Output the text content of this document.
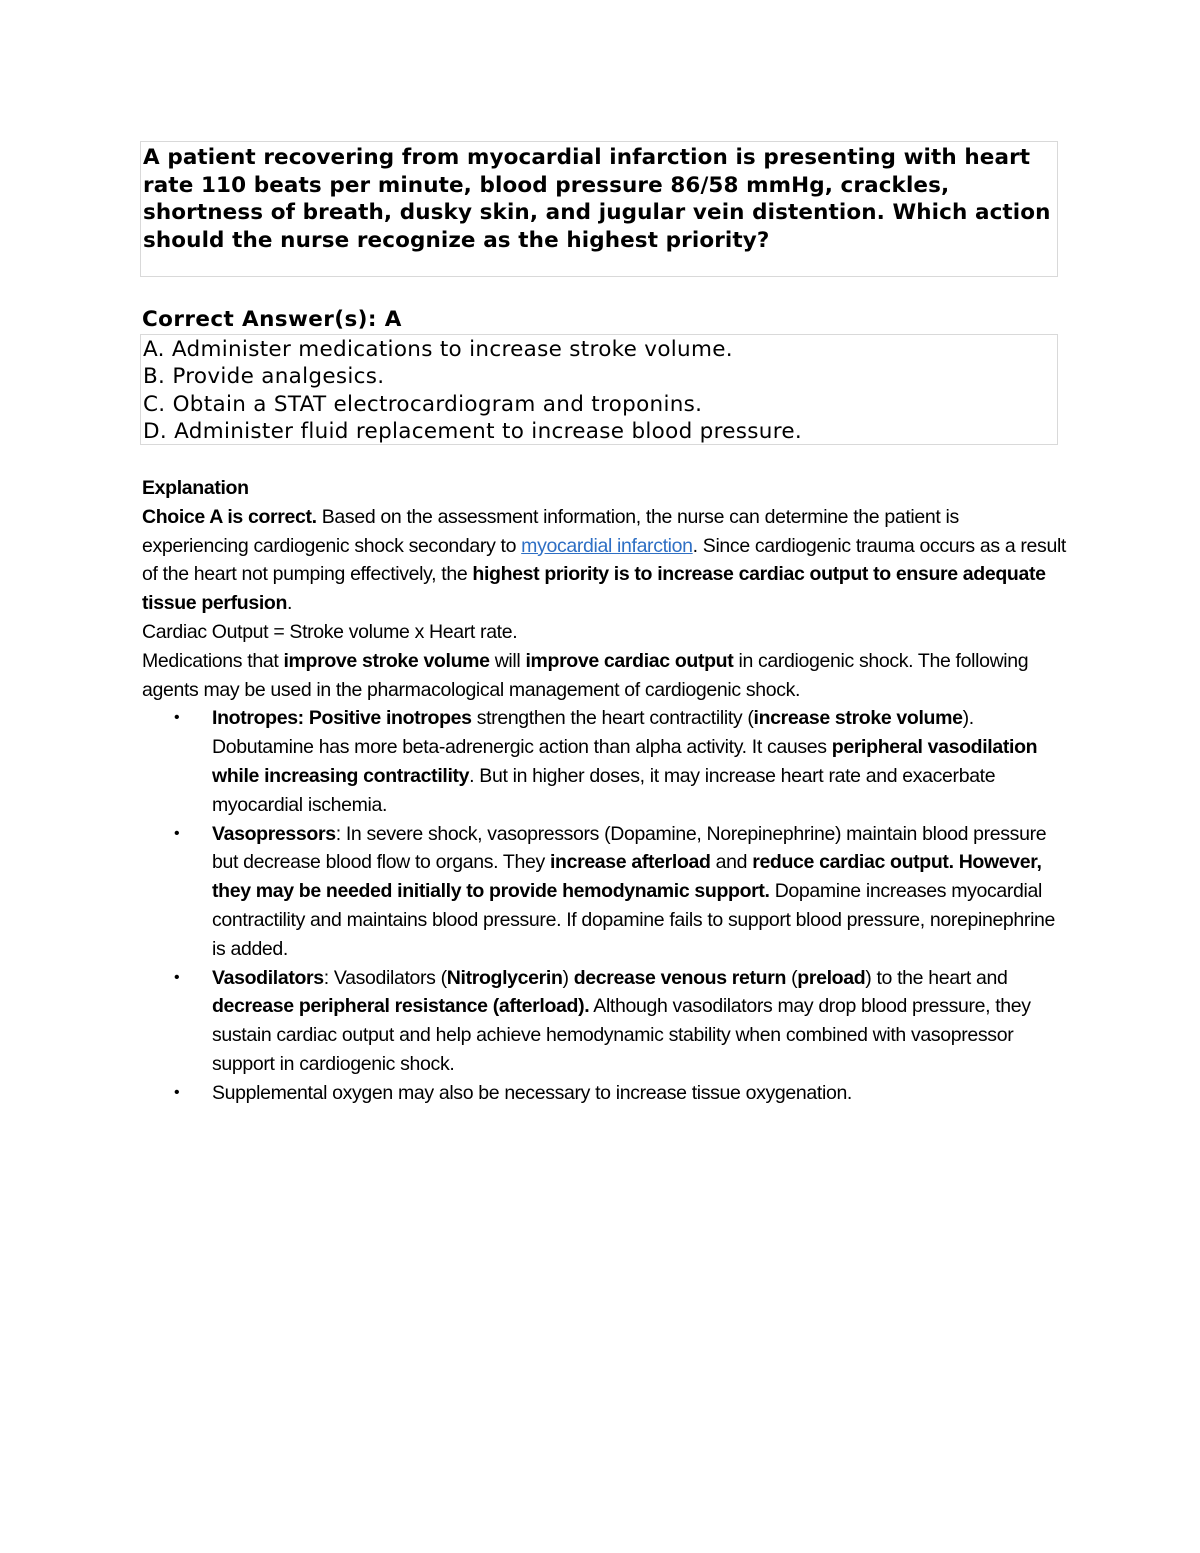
A patient recovering from myocardial infarction is presenting with heart rate 110 beats per minute, blood pressure 86/58 mmHg, crackles, shortness of breath, dusky skin, and jugular vein distention. Which action should the nurse recognize as the highest priority?
Correct Answer(s): A
A. Administer medications to increase stroke volume.
B. Provide analgesics.
C. Obtain a STAT electrocardiogram and troponins.
D. Administer fluid replacement to increase blood pressure.

Explanation

Choice A is correct. Based on the assessment information, the nurse can determine the patient is experiencing cardiogenic shock secondary to myocardial infarction. Since cardiogenic trauma occurs as a result of the heart not pumping effectively, the highest priority is to increase cardiac output to ensure adequate tissue perfusion.

Cardiac Output = Stroke volume x Heart rate.

Medications that improve stroke volume will improve cardiac output in cardiogenic shock. The following agents may be used in the pharmacological management of cardiogenic shock.

• Inotropes: Positive inotropes strengthen the heart contractility (increase stroke volume). Dobutamine has more beta-adrenergic action than alpha activity. It causes peripheral vasodilation while increasing contractility. But in higher doses, it may increase heart rate and exacerbate myocardial ischemia.
• Vasopressors: In severe shock, vasopressors (Dopamine, Norepinephrine) maintain blood pressure but decrease blood flow to organs. They increase afterload and reduce cardiac output. However, they may be needed initially to provide hemodynamic support. Dopamine increases myocardial contractility and maintains blood pressure. If dopamine fails to support blood pressure, norepinephrine is added.
• Vasodilators: Vasodilators (Nitroglycerin) decrease venous return (preload) to the heart and decrease peripheral resistance (afterload). Although vasodilators may drop blood pressure, they sustain cardiac output and help achieve hemodynamic stability when combined with vasopressor support in cardiogenic shock.
• Supplemental oxygen may also be necessary to increase tissue oxygenation.
